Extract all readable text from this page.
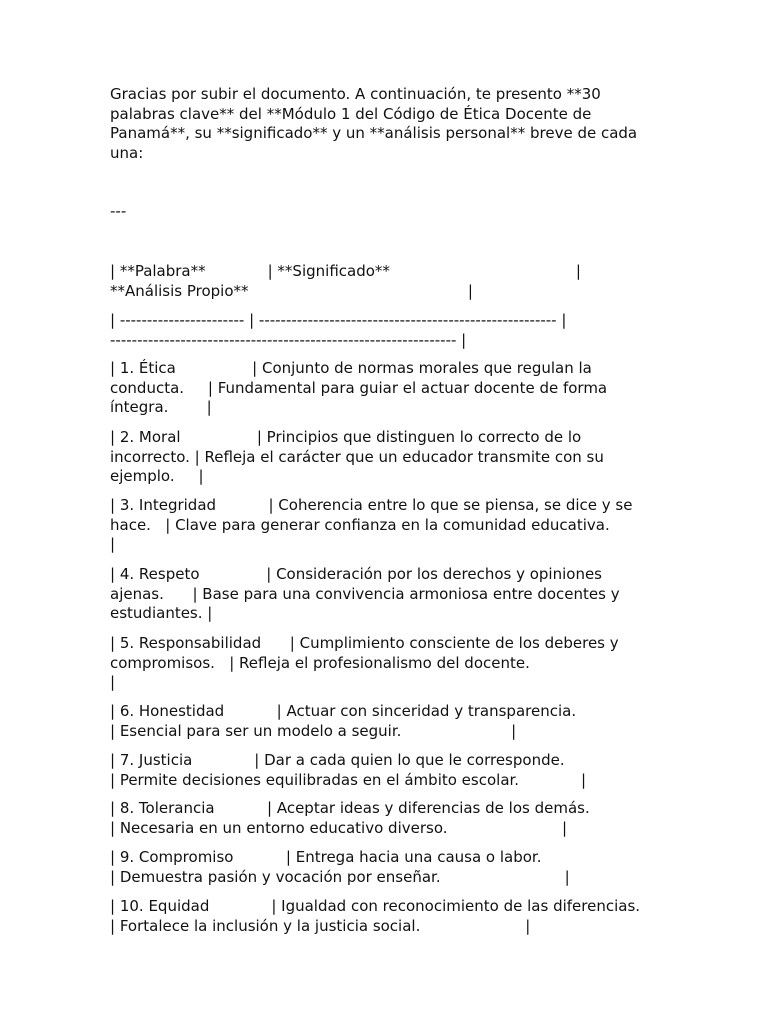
Gracias por subir el documento. A continuación, te presento **30
palabras clave** del **Módulo 1 del Código de Ética Docente de
Panamá**, su **significado** y un **análisis personal** breve de cada
una:

---

| **Palabra**             | **Significado**                                       |
**Análisis Propio**                                              |

| ----------------------- | ------------------------------------------------------- |
---------------------------------------------------------------- |

| 1. Ética                | Conjunto de normas morales que regulan la
conducta.     | Fundamental para guiar el actuar docente de forma
íntegra.        |

| 2. Moral                | Principios que distinguen lo correcto de lo
incorrecto. | Refleja el carácter que un educador transmite con su
ejemplo.     |

| 3. Integridad           | Coherencia entre lo que se piensa, se dice y se
hace.   | Clave para generar confianza en la comunidad educativa.
|

| 4. Respeto              | Consideración por los derechos y opiniones
ajenas.      | Base para una convivencia armoniosa entre docentes y
estudiantes. |

| 5. Responsabilidad      | Cumplimiento consciente de los deberes y
compromisos.   | Refleja el profesionalismo del docente.
|

| 6. Honestidad           | Actuar con sinceridad y transparencia.
| Esencial para ser un modelo a seguir.                       |

| 7. Justicia             | Dar a cada quien lo que le corresponde.
| Permite decisiones equilibradas en el ámbito escolar.             |

| 8. Tolerancia           | Aceptar ideas y diferencias de los demás.
| Necesaria en un entorno educativo diverso.                        |

| 9. Compromiso           | Entrega hacia una causa o labor.
| Demuestra pasión y vocación por enseñar.                          |

| 10. Equidad             | Igualdad con reconocimiento de las diferencias.
| Fortalece la inclusión y la justicia social.                      |
